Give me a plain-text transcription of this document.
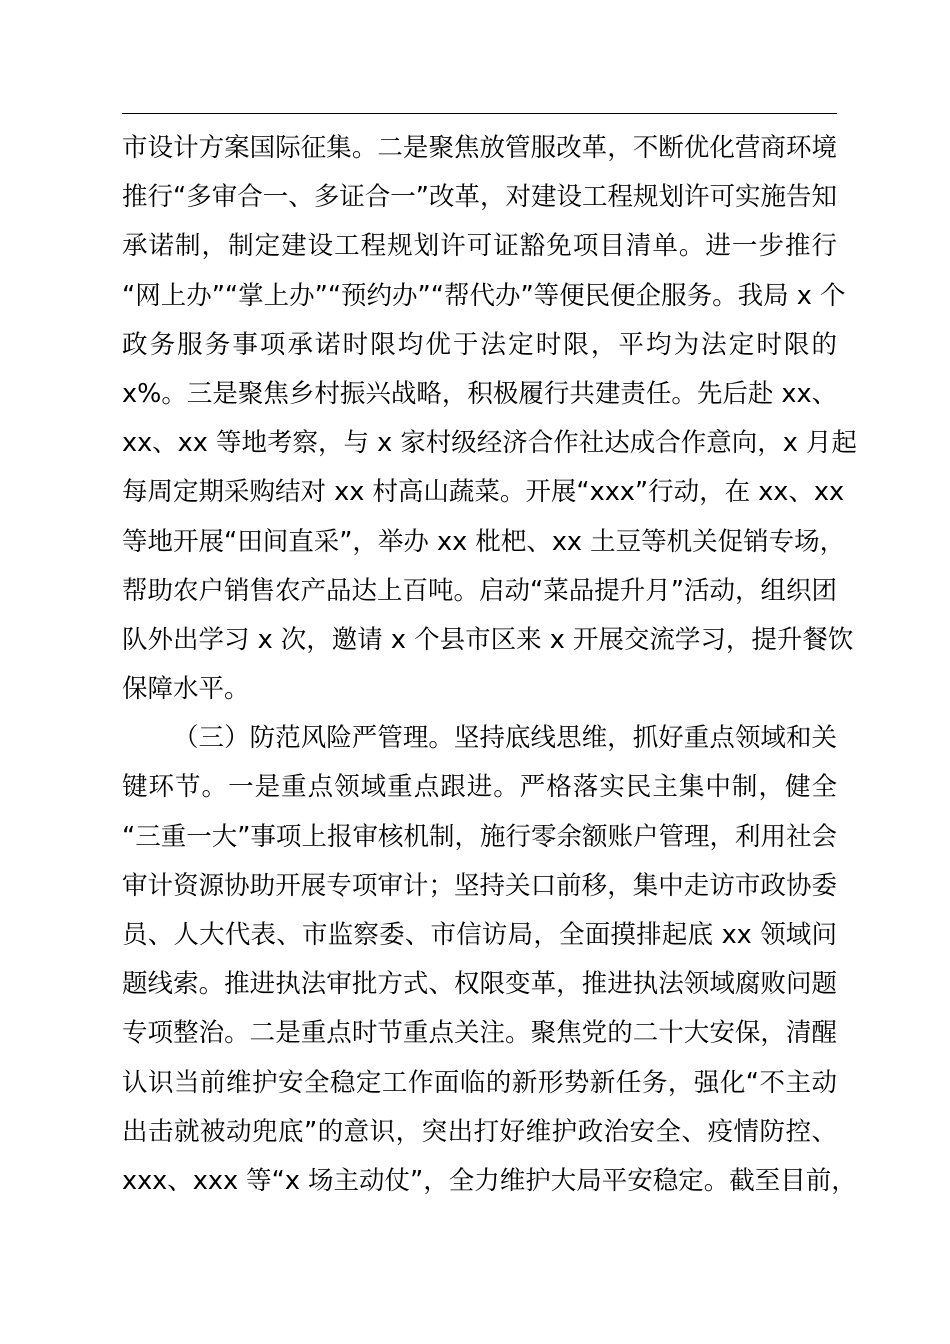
市设计方案国际征集。二是聚焦放管服改革，不断优化营商环境
推行“多审合一、多证合一”改革，对建设工程规划许可实施告知
承诺制，制定建设工程规划许可证豁免项目清单。进一步推行
“网上办”“掌上办”“预约办”“帮代办”等便民便企服务。我局 x 个
政务服务事项承诺时限均优于法定时限，平均为法定时限的
x%。三是聚焦乡村振兴战略，积极履行共建责任。先后赴 xx、
xx、xx 等地考察，与 x 家村级经济合作社达成合作意向，x 月起
每周定期采购结对 xx 村高山蔬菜。开展“xxx”行动，在 xx、xx
等地开展“田间直采”，举办 xx 枇杷、xx 土豆等机关促销专场，
帮助农户销售农产品达上百吨。启动“菜品提升月”活动，组织团
队外出学习 x 次，邀请 x 个县市区来 x 开展交流学习，提升餐饮
保障水平。
（三）防范风险严管理。坚持底线思维，抓好重点领域和关
键环节。一是重点领域重点跟进。严格落实民主集中制，健全
“三重一大”事项上报审核机制，施行零余额账户管理，利用社会
审计资源协助开展专项审计；坚持关口前移，集中走访市政协委
员、人大代表、市监察委、市信访局，全面摸排起底 xx 领域问
题线索。推进执法审批方式、权限变革，推进执法领域腐败问题
专项整治。二是重点时节重点关注。聚焦党的二十大安保，清醒
认识当前维护安全稳定工作面临的新形势新任务，强化“不主动
出击就被动兜底”的意识，突出打好维护政治安全、疫情防控、
xxx、xxx 等“x 场主动仗”，全力维护大局平安稳定。截至目前，
